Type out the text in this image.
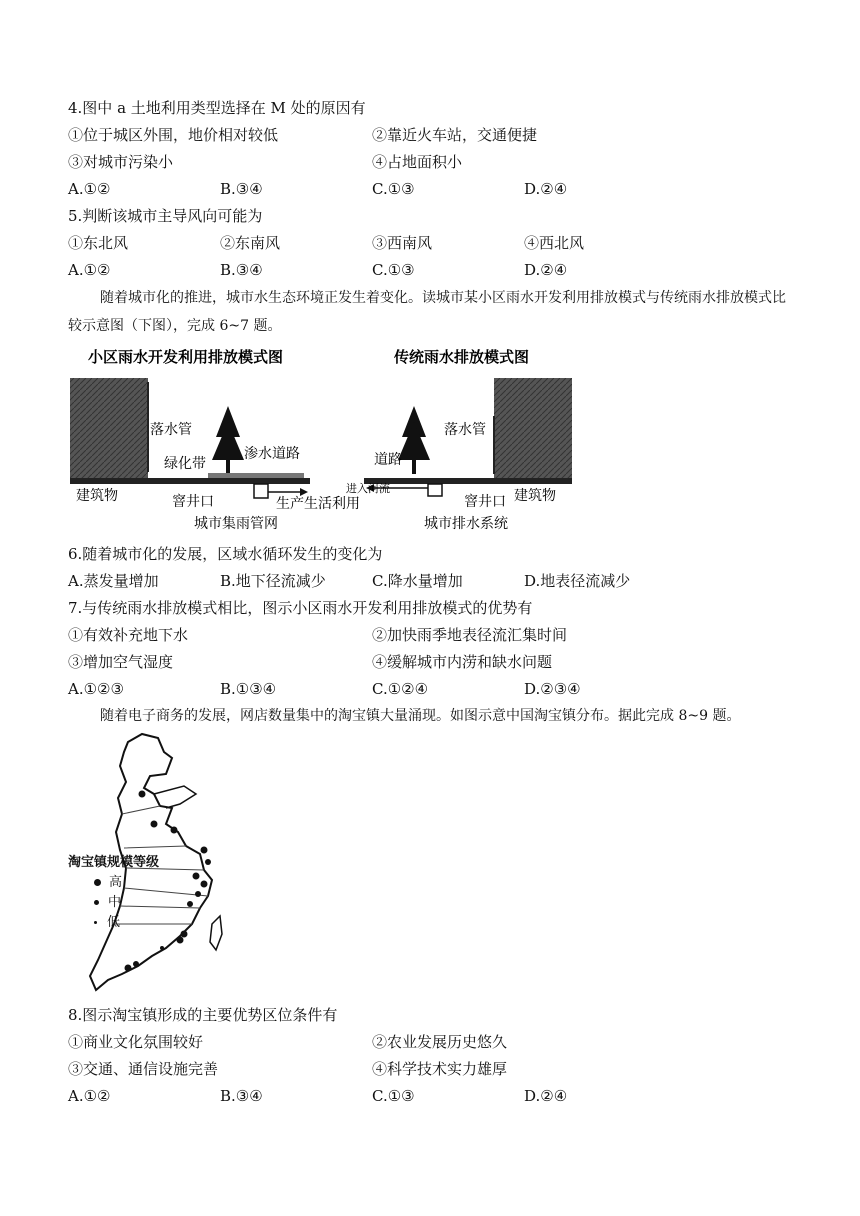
4.图中 a 土地利用类型选择在 M 处的原因有
①位于城区外围，地价相对较低	②靠近火车站，交通便捷
③对城市污染小	④占地面积小
A.①②	B.③④	C.①③	D.②④
5.判断该城市主导风向可能为
①东北风	②东南风	③西南风	④西北风
A.①②	B.③④	C.①③	D.②④
随着城市化的推进，城市水生态环境正发生着变化。读城市某小区雨水开发利用排放模式与传统雨水排放模式比较示意图（下图），完成 6~7 题。
小区雨水开发利用排放模式图	传统雨水排放模式图
落水管
渗水道路
绿化带
建筑物	窨井口	生产生活利用
城市集雨管网
落水管
道路
进入河流
窨井口 建筑物
城市排水系统
6.随着城市化的发展，区域水循环发生的变化为
A.蒸发量增加	B.地下径流减少	C.降水量增加	D.地表径流减少
7.与传统雨水排放模式相比，图示小区雨水开发利用排放模式的优势有
①有效补充地下水	②加快雨季地表径流汇集时间
③增加空气湿度	④缓解城市内涝和缺水问题
A.①②③	B.①③④	C.①②④	D.②③④
随着电子商务的发展，网店数量集中的淘宝镇大量涌现。如图示意中国淘宝镇分布。据此完成 8~9 题。
淘宝镇规模等级
高
中
低
8.图示淘宝镇形成的主要优势区位条件有
①商业文化氛围较好	②农业发展历史悠久
③交通、通信设施完善	④科学技术实力雄厚
A.①②	B.③④	C.①③	D.②④
